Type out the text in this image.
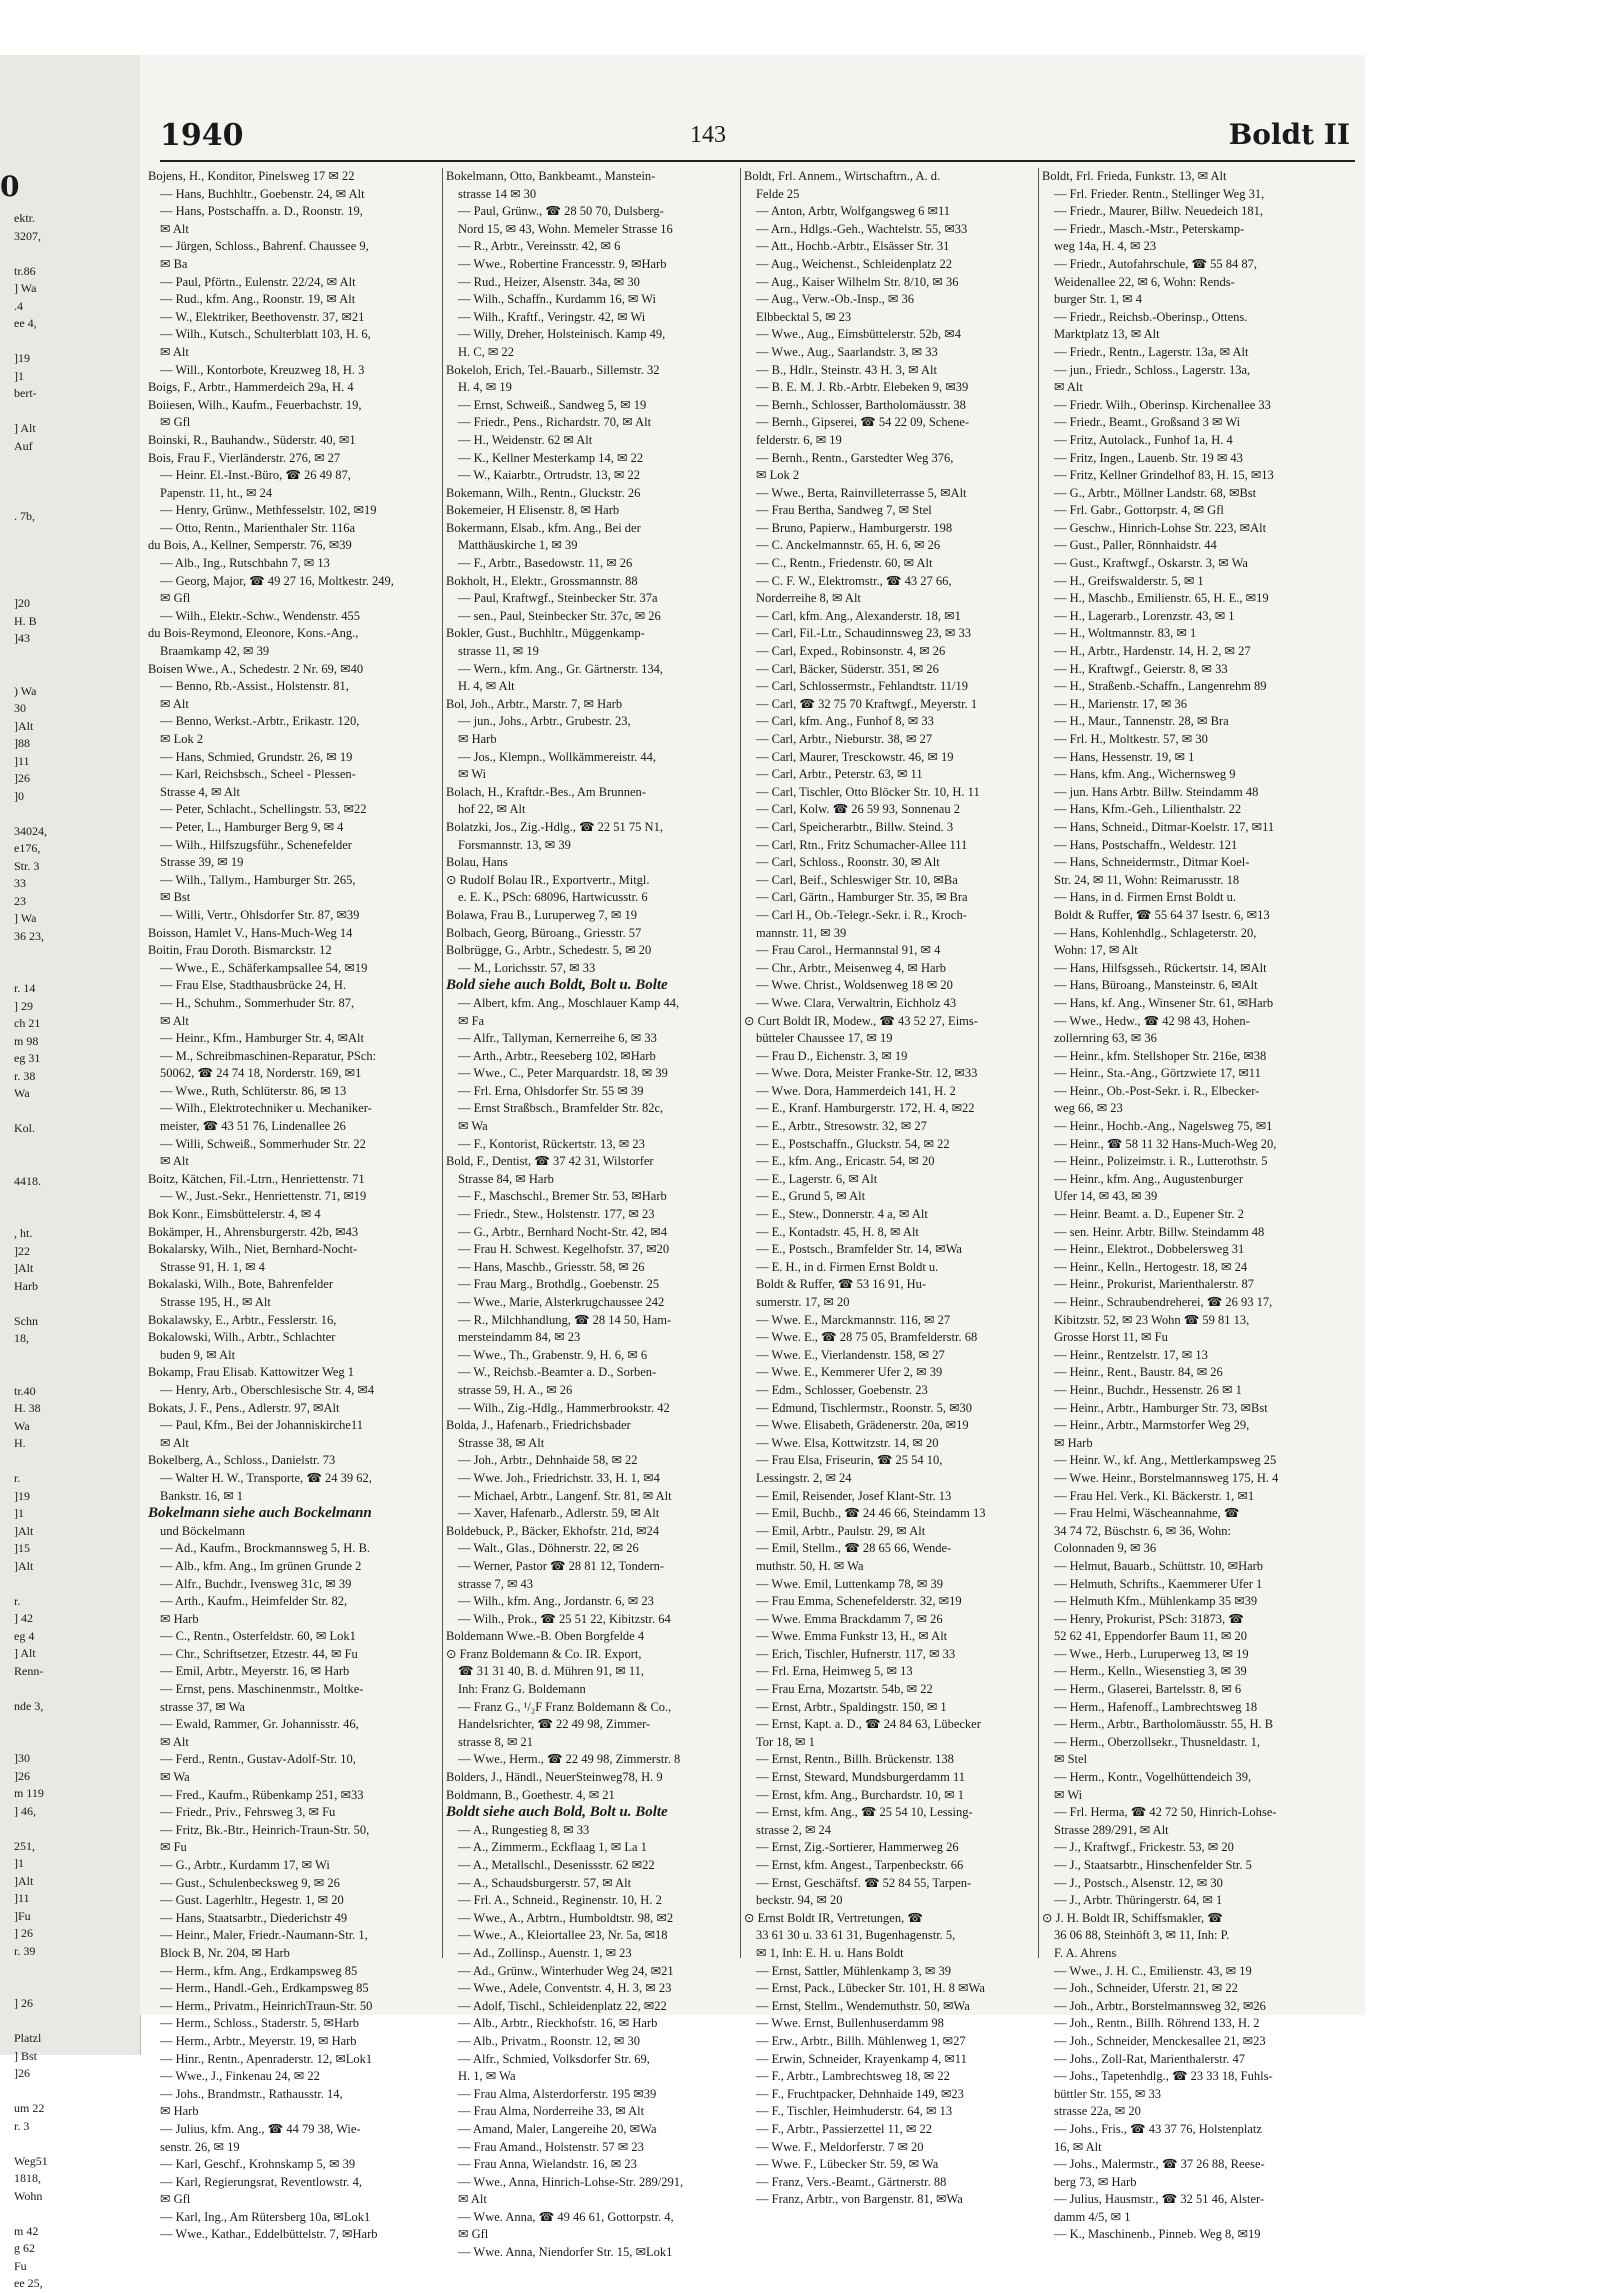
0
ektr.
3207,

tr.86
] Wa
.4
ee 4,

]19
]1
bert-

] Alt
Auf

. 7b,

]20
H. B
]43

) Wa
30
]Alt
]88
]11
]26
]0

34024,
e176,
Str. 3
33
23
] Wa
36 23,

r. 14
] 29
ch 21
m 98
eg 31
r. 38
Wa

Kol.

4418.

, ht.
]22
]Alt
Harb

Schn
18,

tr.40
H. 38
Wa
H.

r.
]19
]1
]Alt
]15
]Alt

r.
] 42
eg 4
] Alt
Renn-

nde 3,

]30
]26
m 119
] 46,

251,
]1
]Alt
]11
]Fu
] 26
r. 39

] 26

Platzl
] Bst
]26

um 22
r. 3

Weg51
1818,
Wohn

m 42
g 62
Fu
ee 25,
1940	143	Boldt II
Bojens, H., Konditor, Pinelsweg 17 ✉ 22
— Hans, Buchhltr., Goebenstr. 24, ✉ Alt
— Hans, Postschaffn. a. D., Roonstr. 19,
✉ Alt
— Jürgen, Schloss., Bahrenf. Chaussee 9,
✉ Ba
— Paul, Pförtn., Eulenstr. 22/24, ✉ Alt
— Rud., kfm. Ang., Roonstr. 19, ✉ Alt
— W., Elektriker, Beethovenstr. 37, ✉21
— Wilh., Kutsch., Schulterblatt 103, H. 6,
✉ Alt
— Will., Kontorbote, Kreuzweg 18, H. 3
Boigs, F., Arbtr., Hammerdeich 29a, H. 4
Boiiesen, Wilh., Kaufm., Feuerbachstr. 19,
✉ Gfl
Boinski, R., Bauhandw., Süderstr. 40, ✉1
Bois, Frau F., Vierländerstr. 276, ✉ 27
— Heinr. El.-Inst.-Büro, ☎ 26 49 87,
Papenstr. 11, ht., ✉ 24
— Henry, Grünw., Methfesselstr. 102, ✉19
— Otto, Rentn., Marienthaler Str. 116a
du Bois, A., Kellner, Semperstr. 76, ✉39
— Alb., Ing., Rutschbahn 7, ✉ 13
— Georg, Major, ☎ 49 27 16, Moltkestr. 249,
✉ Gfl
— Wilh., Elektr.-Schw., Wendenstr. 455
du Bois-Reymond, Eleonore, Kons.-Ang.,
Braamkamp 42, ✉ 39
Boisen Wwe., A., Schedestr. 2 Nr. 69, ✉40
— Benno, Rb.-Assist., Holstenstr. 81,
✉ Alt
— Benno, Werkst.-Arbtr., Erikastr. 120,
✉ Lok 2
— Hans, Schmied, Grundstr. 26, ✉ 19
— Karl, Reichsbsch., Scheel - Plessen-
Strasse 4, ✉ Alt
— Peter, Schlacht., Schellingstr. 53, ✉22
— Peter, L., Hamburger Berg 9, ✉ 4
— Wilh., Hilfszugsführ., Schenefelder
Strasse 39, ✉ 19
— Wilh., Tallym., Hamburger Str. 265,
✉ Bst
— Willi, Vertr., Ohlsdorfer Str. 87, ✉39
Boisson, Hamlet V., Hans-Much-Weg 14
Boitin, Frau Doroth. Bismarckstr. 12
— Wwe., E., Schäferkampsallee 54, ✉19
— Frau Else, Stadthausbrücke 24, H.
— H., Schuhm., Sommerhuder Str. 87,
✉ Alt
— Heinr., Kfm., Hamburger Str. 4, ✉Alt
— M., Schreibmaschinen-Reparatur, PSch:
50062, ☎ 24 74 18, Norderstr. 169, ✉1
— Wwe., Ruth, Schlüterstr. 86, ✉ 13
— Wilh., Elektrotechniker u. Mechaniker-
meister, ☎ 43 51 76, Lindenallee 26
— Willi, Schweiß., Sommerhuder Str. 22
✉ Alt
Boitz, Kätchen, Fil.-Ltrn., Henriettenstr. 71
— W., Just.-Sekr., Henriettenstr. 71, ✉19
Bok Konr., Eimsbüttelerstr. 4, ✉ 4
Bokämper, H., Ahrensburgerstr. 42b, ✉43
Bokalarsky, Wilh., Niet, Bernhard-Nocht-
Strasse 91, H. 1, ✉ 4
Bokalaski, Wilh., Bote, Bahrenfelder
Strasse 195, H., ✉ Alt
Bokalawsky, E., Arbtr., Fesslerstr. 16,
Bokalowski, Wilh., Arbtr., Schlachter
buden 9, ✉ Alt
Bokamp, Frau Elisab. Kattowitzer Weg 1
— Henry, Arb., Oberschlesische Str. 4, ✉4
Bokats, J. F., Pens., Adlerstr. 97, ✉Alt
— Paul, Kfm., Bei der Johanniskirche11
✉ Alt
Bokelberg, A., Schloss., Danielstr. 73
— Walter H. W., Transporte, ☎ 24 39 62,
Bankstr. 16, ✉ 1
Bokelmann siehe auch Bockelmann
und Böckelmann
— Ad., Kaufm., Brockmannsweg 5, H. B.
— Alb., kfm. Ang., Im grünen Grunde 2
— Alfr., Buchdr., Ivensweg 31c, ✉ 39
— Arth., Kaufm., Heimfelder Str. 82,
✉ Harb
— C., Rentn., Osterfeldstr. 60, ✉ Lok1
— Chr., Schriftsetzer, Etzestr. 44, ✉ Fu
— Emil, Arbtr., Meyerstr. 16, ✉ Harb
— Ernst, pens. Maschinenmstr., Moltke-
strasse 37, ✉ Wa
— Ewald, Rammer, Gr. Johannisstr. 46,
✉ Alt
— Ferd., Rentn., Gustav-Adolf-Str. 10,
✉ Wa
— Fred., Kaufm., Rübenkamp 251, ✉33
— Friedr., Priv., Fehrsweg 3, ✉ Fu
— Fritz, Bk.-Btr., Heinrich-Traun-Str. 50,
✉ Fu
— G., Arbtr., Kurdamm 17, ✉ Wi
— Gust., Schulenbecksweg 9, ✉ 26
— Gust. Lagerhltr., Hegestr. 1, ✉ 20
— Hans, Staatsarbtr., Diederichstr 49
— Heinr., Maler, Friedr.-Naumann-Str. 1,
Block B, Nr. 204, ✉ Harb
— Herm., kfm. Ang., Erdkampsweg 85
— Herm., Handl.-Geh., Erdkampsweg 85
— Herm., Privatm., HeinrichTraun-Str. 50
— Herm., Schloss., Staderstr. 5, ✉Harb
— Herm., Arbtr., Meyerstr. 19, ✉ Harb
— Hinr., Rentn., Apenraderstr. 12, ✉Lok1
— Wwe., J., Finkenau 24, ✉ 22
— Johs., Brandmstr., Rathausstr. 14,
✉ Harb
— Julius, kfm. Ang., ☎ 44 79 38, Wie-
senstr. 26, ✉ 19
— Karl, Geschf., Krohnskamp 5, ✉ 39
— Karl, Regierungsrat, Reventlowstr. 4,
✉ Gfl
— Karl, Ing., Am Rütersberg 10a, ✉Lok1
— Wwe., Kathar., Eddelbüttelstr. 7, ✉Harb
Bokelmann, Otto, Bankbeamt., Manstein-
strasse 14 ✉ 30
— Paul, Grünw., ☎ 28 50 70, Dulsberg-
Nord 15, ✉ 43, Wohn. Memeler Strasse 16
— R., Arbtr., Vereinsstr. 42, ✉ 6
— Wwe., Robertine Francesstr. 9, ✉Harb
— Rud., Heizer, Alsenstr. 34a, ✉ 30
— Wilh., Schaffn., Kurdamm 16, ✉ Wi
— Wilh., Kraftf., Veringstr. 42, ✉ Wi
— Willy, Dreher, Holsteinisch. Kamp 49,
H. C, ✉ 22
Bokeloh, Erich, Tel.-Bauarb., Sillemstr. 32
H. 4, ✉ 19
— Ernst, Schweiß., Sandweg 5, ✉ 19
— Friedr., Pens., Richardstr. 70, ✉ Alt
— H., Weidenstr. 62 ✉ Alt
— K., Kellner Mesterkamp 14, ✉ 22
— W., Kaiarbtr., Ortrudstr. 13, ✉ 22
Bokemann, Wilh., Rentn., Gluckstr. 26
Bokemeier, H Elisenstr. 8, ✉ Harb
Bokermann, Elsab., kfm. Ang., Bei der
Matthäuskirche 1, ✉ 39
— F., Arbtr., Basedowstr. 11, ✉ 26
Bokholt, H., Elektr., Grossmannstr. 88
— Paul, Kraftwgf., Steinbecker Str. 37a
— sen., Paul, Steinbecker Str. 37c, ✉ 26
Bokler, Gust., Buchhltr., Müggenkamp-
strasse 11, ✉ 19
— Wern., kfm. Ang., Gr. Gärtnerstr. 134,
H. 4, ✉ Alt
Bol, Joh., Arbtr., Marstr. 7, ✉ Harb
— jun., Johs., Arbtr., Grubestr. 23,
✉ Harb
— Jos., Klempn., Wollkämmereistr. 44,
✉ Wi
Bolach, H., Kraftdr.-Bes., Am Brunnen-
hof 22, ✉ Alt
Bolatzki, Jos., Zig.-Hdlg., ☎ 22 51 75 N1,
Forsmannstr. 13, ✉ 39
Bolau, Hans
⊙ Rudolf Bolau IR., Exportvertr., Mitgl.
e. E. K., PSch: 68096, Hartwicusstr. 6
Bolawa, Frau B., Luruperweg 7, ✉ 19
Bolbach, Georg, Büroang., Griesstr. 57
Bolbrügge, G., Arbtr., Schedestr. 5, ✉ 20
— M., Lorichsstr. 57, ✉ 33
Bold siehe auch Boldt, Bolt u. Bolte
— Albert, kfm. Ang., Moschlauer Kamp 44,
✉ Fa
— Alfr., Tallyman, Kernerreihe 6, ✉ 33
— Arth., Arbtr., Reeseberg 102, ✉Harb
— Wwe., C., Peter Marquardstr. 18, ✉ 39
— Frl. Erna, Ohlsdorfer Str. 55 ✉ 39
— Ernst Straßbsch., Bramfelder Str. 82c,
✉ Wa
— F., Kontorist, Rückertstr. 13, ✉ 23
Bold, F., Dentist, ☎ 37 42 31, Wilstorfer
Strasse 84, ✉ Harb
— F., Maschschl., Bremer Str. 53, ✉Harb
— Friedr., Stew., Holstenstr. 177, ✉ 23
— G., Arbtr., Bernhard Nocht-Str. 42, ✉4
— Frau H. Schwest. Kegelhofstr. 37, ✉20
— Hans, Maschb., Griesstr. 58, ✉ 26
— Frau Marg., Brothdlg., Goebenstr. 25
— Wwe., Marie, Alsterkrugchaussee 242
— R., Milchhandlung, ☎ 28 14 50, Ham-
mersteindamm 84, ✉ 23
— Wwe., Th., Grabenstr. 9, H. 6, ✉ 6
— W., Reichsb.-Beamter a. D., Sorben-
strasse 59, H. A., ✉ 26
— Wilh., Zig.-Hdlg., Hammerbrookstr. 42
Bolda, J., Hafenarb., Friedrichsbader
Strasse 38, ✉ Alt
— Joh., Arbtr., Dehnhaide 58, ✉ 22
— Wwe. Joh., Friedrichstr. 33, H. 1, ✉4
— Michael, Arbtr., Langenf. Str. 81, ✉ Alt
— Xaver, Hafenarb., Adlerstr. 59, ✉ Alt
Boldebuck, P., Bäcker, Ekhofstr. 21d, ✉24
— Walt., Glas., Döhnerstr. 22, ✉ 26
— Werner, Pastor ☎ 28 81 12, Tondern-
strasse 7, ✉ 43
— Wilh., kfm. Ang., Jordanstr. 6, ✉ 23
— Wilh., Prok., ☎ 25 51 22, Kibitzstr. 64
Boldemann Wwe.-B. Oben Borgfelde 4
⊙ Franz Boldemann & Co. IR. Export,
☎ 31 31 40, B. d. Mühren 91, ✉ 11,
Inh: Franz G. Boldemann
— Franz G., ¹/₂F Franz Boldemann & Co.,
Handelsrichter, ☎ 22 49 98, Zimmer-
strasse 8, ✉ 21
— Wwe., Herm., ☎ 22 49 98, Zimmerstr. 8
Bolders, J., Händl., NeuerSteinweg78, H. 9
Boldmann, B., Goethestr. 4, ✉ 21
Boldt siehe auch Bold, Bolt u. Bolte
— A., Rungestieg 8, ✉ 33
— A., Zimmerm., Eckflaag 1, ✉ La 1
— A., Metallschl., Desenissstr. 62 ✉22
— A., Schaudsburgerstr. 57, ✉ Alt
— Frl. A., Schneid., Reginenstr. 10, H. 2
— Wwe., A., Arbtrn., Humboldtstr. 98, ✉2
— Wwe., A., Kleiortallee 23, Nr. 5a, ✉18
— Ad., Zollinsp., Auenstr. 1, ✉ 23
— Ad., Grünw., Winterhuder Weg 24, ✉21
— Wwe., Adele, Conventstr. 4, H. 3, ✉ 23
— Adolf, Tischl., Schleidenplatz 22, ✉22
— Alb., Arbtr., Rieckhofstr. 16, ✉ Harb
— Alb., Privatm., Roonstr. 12, ✉ 30
— Alfr., Schmied, Volksdorfer Str. 69,
H. 1, ✉ Wa
— Frau Alma, Alsterdorferstr. 195 ✉39
— Frau Alma, Norderreihe 33, ✉ Alt
— Amand, Maler, Langereihe 20, ✉Wa
— Frau Amand., Holstenstr. 57 ✉ 23
— Frau Anna, Wielandstr. 16, ✉ 23
— Wwe., Anna, Hinrich-Lohse-Str. 289/291,
✉ Alt
— Wwe. Anna, ☎ 49 46 61, Gottorpstr. 4,
✉ Gfl
— Wwe. Anna, Niendorfer Str. 15, ✉Lok1
Boldt, Frl. Annem., Wirtschaftrn., A. d.
Felde 25
— Anton, Arbtr, Wolfgangsweg 6 ✉11
— Arn., Hdlgs.-Geh., Wachtelstr. 55, ✉33
— Att., Hochb.-Arbtr., Elsässer Str. 31
— Aug., Weichenst., Schleidenplatz 22
— Aug., Kaiser Wilhelm Str. 8/10, ✉ 36
— Aug., Verw.-Ob.-Insp., ✉ 36
Elbbecktal 5, ✉ 23
— Wwe., Aug., Eimsbüttelerstr. 52b, ✉4
— Wwe., Aug., Saarlandstr. 3, ✉ 33
— B., Hdlr., Steinstr. 43 H. 3, ✉ Alt
— B. E. M. J. Rb.-Arbtr. Elebeken 9, ✉39
— Bernh., Schlosser, Bartholomäusstr. 38
— Bernh., Gipserei, ☎ 54 22 09, Schene-
felderstr. 6, ✉ 19
— Bernh., Rentn., Garstedter Weg 376,
✉ Lok 2
— Wwe., Berta, Rainvilleterrasse 5, ✉Alt
— Frau Bertha, Sandweg 7, ✉ Stel
— Bruno, Papierw., Hamburgerstr. 198
— C. Anckelmannstr. 65, H. 6, ✉ 26
— C., Rentn., Friedenstr. 60, ✉ Alt
— C. F. W., Elektromstr., ☎ 43 27 66,
Norderreihe 8, ✉ Alt
— Carl, kfm. Ang., Alexanderstr. 18, ✉1
— Carl, Fil.-Ltr., Schaudinnsweg 23, ✉ 33
— Carl, Exped., Robinsonstr. 4, ✉ 26
— Carl, Bäcker, Süderstr. 351, ✉ 26
— Carl, Schlossermstr., Fehlandtstr. 11/19
— Carl, ☎ 32 75 70 Kraftwgf., Meyerstr. 1
— Carl, kfm. Ang., Funhof 8, ✉ 33
— Carl, Arbtr., Nieburstr. 38, ✉ 27
— Carl, Maurer, Tresckowstr. 46, ✉ 19
— Carl, Arbtr., Peterstr. 63, ✉ 11
— Carl, Tischler, Otto Blöcker Str. 10, H. 11
— Carl, Kolw. ☎ 26 59 93, Sonnenau 2
— Carl, Speicherarbtr., Billw. Steind. 3
— Carl, Rtn., Fritz Schumacher-Allee 111
— Carl, Schloss., Roonstr. 30, ✉ Alt
— Carl, Beif., Schleswiger Str. 10, ✉Ba
— Carl, Gärtn., Hamburger Str. 35, ✉ Bra
— Carl H., Ob.-Telegr.-Sekr. i. R., Kroch-
mannstr. 11, ✉ 39
— Frau Carol., Hermannstal 91, ✉ 4
— Chr., Arbtr., Meisenweg 4, ✉ Harb
— Wwe. Christ., Woldsenweg 18 ✉ 20
— Wwe. Clara, Verwaltrin, Eichholz 43
⊙ Curt Boldt IR, Modew., ☎ 43 52 27, Eims-
bütteler Chaussee 17, ✉ 19
— Frau D., Eichenstr. 3, ✉ 19
— Wwe. Dora, Meister Franke-Str. 12, ✉33
— Wwe. Dora, Hammerdeich 141, H. 2
— E., Kranf. Hamburgerstr. 172, H. 4, ✉22
— E., Arbtr., Stresowstr. 32, ✉ 27
— E., Postschaffn., Gluckstr. 54, ✉ 22
— E., kfm. Ang., Ericastr. 54, ✉ 20
— E., Lagerstr. 6, ✉ Alt
— E., Grund 5, ✉ Alt
— E., Stew., Donnerstr. 4 a, ✉ Alt
— E., Kontadstr. 45, H. 8, ✉ Alt
— E., Postsch., Bramfelder Str. 14, ✉Wa
— E. H., in d. Firmen Ernst Boldt u.
Boldt & Ruffer, ☎ 53 16 91, Hu-
sumerstr. 17, ✉ 20
— Wwe. E., Marckmannstr. 116, ✉ 27
— Wwe. E., ☎ 28 75 05, Bramfelderstr. 68
— Wwe. E., Vierlandenstr. 158, ✉ 27
— Wwe. E., Kemmerer Ufer 2, ✉ 39
— Edm., Schlosser, Goebenstr. 23
— Edmund, Tischlermstr., Roonstr. 5, ✉30
— Wwe. Elisabeth, Grädenerstr. 20a, ✉19
— Wwe. Elsa, Kottwitzstr. 14, ✉ 20
— Frau Elsa, Friseurin, ☎ 25 54 10,
Lessingstr. 2, ✉ 24
— Emil, Reisender, Josef Klant-Str. 13
— Emil, Buchb., ☎ 24 46 66, Steindamm 13
— Emil, Arbtr., Paulstr. 29, ✉ Alt
— Emil, Stellm., ☎ 28 65 66, Wende-
muthstr. 50, H. ✉ Wa
— Wwe. Emil, Luttenkamp 78, ✉ 39
— Frau Emma, Schenefelderstr. 32, ✉19
— Wwe. Emma Brackdamm 7, ✉ 26
— Wwe. Emma Funkstr 13, H., ✉ Alt
— Erich, Tischler, Hufnerstr. 117, ✉ 33
— Frl. Erna, Heimweg 5, ✉ 13
— Frau Erna, Mozartstr. 54b, ✉ 22
— Ernst, Arbtr., Spaldingstr. 150, ✉ 1
— Ernst, Kapt. a. D., ☎ 24 84 63, Lübecker
Tor 18, ✉ 1
— Ernst, Rentn., Billh. Brückenstr. 138
— Ernst, Steward, Mundsburgerdamm 11
— Ernst, kfm. Ang., Burchardstr. 10, ✉ 1
— Ernst, kfm. Ang., ☎ 25 54 10, Lessing-
strasse 2, ✉ 24
— Ernst, Zig.-Sortierer, Hammerweg 26
— Ernst, kfm. Angest., Tarpenbeckstr. 66
— Ernst, Geschäftsf. ☎ 52 84 55, Tarpen-
beckstr. 94, ✉ 20
⊙ Ernst Boldt IR, Vertretungen, ☎
33 61 30 u. 33 61 31, Bugenhagenstr. 5,
✉ 1, Inh: E. H. u. Hans Boldt
— Ernst, Sattler, Mühlenkamp 3, ✉ 39
— Ernst, Pack., Lübecker Str. 101, H. 8 ✉Wa
— Ernst, Stellm., Wendemuthstr. 50, ✉Wa
— Wwe. Ernst, Bullenhuserdamm 98
— Erw., Arbtr., Billh. Mühlenweg 1, ✉27
— Erwin, Schneider, Krayenkamp 4, ✉11
— F., Arbtr., Lambrechtsweg 18, ✉ 22
— F., Fruchtpacker, Dehnhaide 149, ✉23
— F., Tischler, Heimhuderstr. 64, ✉ 13
— F., Arbtr., Passierzettel 11, ✉ 22
— Wwe. F., Meldorferstr. 7 ✉ 20
— Wwe. F., Lübecker Str. 59, ✉ Wa
— Franz, Vers.-Beamt., Gärtnerstr. 88
— Franz, Arbtr., von Bargenstr. 81, ✉Wa
Boldt, Frl. Frieda, Funkstr. 13, ✉ Alt
— Frl. Frieder. Rentn., Stellinger Weg 31,
— Friedr., Maurer, Billw. Neuedeich 181,
— Friedr., Masch.-Mstr., Peterskamp-
weg 14a, H. 4, ✉ 23
— Friedr., Autofahrschule, ☎ 55 84 87,
Weidenallee 22, ✉ 6, Wohn: Rends-
burger Str. 1, ✉ 4
— Friedr., Reichsb.-Oberinsp., Ottens.
Marktplatz 13, ✉ Alt
— Friedr., Rentn., Lagerstr. 13a, ✉ Alt
— jun., Friedr., Schloss., Lagerstr. 13a,
✉ Alt
— Friedr. Wilh., Oberinsp. Kirchenallee 33
— Friedr., Beamt., Großsand 3 ✉ Wi
— Fritz, Autolack., Funhof 1a, H. 4
— Fritz, Ingen., Lauenb. Str. 19 ✉ 43
— Fritz, Kellner Grindelhof 83, H. 15, ✉13
— G., Arbtr., Möllner Landstr. 68, ✉Bst
— Frl. Gabr., Gottorpstr. 4, ✉ Gfl
— Geschw., Hinrich-Lohse Str. 223, ✉Alt
— Gust., Paller, Rönnhaidstr. 44
— Gust., Kraftwgf., Oskarstr. 3, ✉ Wa
— H., Greifswalderstr. 5, ✉ 1
— H., Maschb., Emilienstr. 65, H. E., ✉19
— H., Lagerarb., Lorenzstr. 43, ✉ 1
— H., Woltmannstr. 83, ✉ 1
— H., Arbtr., Hardenstr. 14, H. 2, ✉ 27
— H., Kraftwgf., Geierstr. 8, ✉ 33
— H., Straßenb.-Schaffn., Langenrehm 89
— H., Marienstr. 17, ✉ 36
— H., Maur., Tannenstr. 28, ✉ Bra
— Frl. H., Moltkestr. 57, ✉ 30
— Hans, Hessenstr. 19, ✉ 1
— Hans, kfm. Ang., Wichernsweg 9
— jun. Hans Arbtr. Billw. Steindamm 48
— Hans, Kfm.-Geh., Lilienthalstr. 22
— Hans, Schneid., Ditmar-Koelstr. 17, ✉11
— Hans, Postschaffn., Weldestr. 121
— Hans, Schneidermstr., Ditmar Koel-
Str. 24, ✉ 11, Wohn: Reimarusstr. 18
— Hans, in d. Firmen Ernst Boldt u.
Boldt & Ruffer, ☎ 55 64 37 Isestr. 6, ✉13
— Hans, Kohlenhdlg., Schlageterstr. 20,
Wohn: 17, ✉ Alt
— Hans, Hilfsgsseh., Rückertstr. 14, ✉Alt
— Hans, Büroang., Mansteinstr. 6, ✉Alt
— Hans, kf. Ang., Winsener Str. 61, ✉Harb
— Wwe., Hedw., ☎ 42 98 43, Hohen-
zollernring 63, ✉ 36
— Heinr., kfm. Stellshoper Str. 216e, ✉38
— Heinr., Sta.-Ang., Görtzwiete 17, ✉11
— Heinr., Ob.-Post-Sekr. i. R., Elbecker-
weg 66, ✉ 23
— Heinr., Hochb.-Ang., Nagelsweg 75, ✉1
— Heinr., ☎ 58 11 32 Hans-Much-Weg 20,
— Heinr., Polizeimstr. i. R., Lutterothstr. 5
— Heinr., kfm. Ang., Augustenburger
Ufer 14, ✉ 43, ✉ 39
— Heinr. Beamt. a. D., Eupener Str. 2
— sen. Heinr. Arbtr. Billw. Steindamm 48
— Heinr., Elektrot., Dobbelersweg 31
— Heinr., Kelln., Hertogestr. 18, ✉ 24
— Heinr., Prokurist, Marienthalerstr. 87
— Heinr., Schraubendreherei, ☎ 26 93 17,
Kibitzstr. 52, ✉ 23 Wohn ☎ 59 81 13,
Grosse Horst 11, ✉ Fu
— Heinr., Rentzelstr. 17, ✉ 13
— Heinr., Rent., Baustr. 84, ✉ 26
— Heinr., Buchdr., Hessenstr. 26 ✉ 1
— Heinr., Arbtr., Hamburger Str. 73, ✉Bst
— Heinr., Arbtr., Marmstorfer Weg 29,
✉ Harb
— Heinr. W., kf. Ang., Mettlerkampsweg 25
— Wwe. Heinr., Borstelmannsweg 175, H. 4
— Frau Hel. Verk., Kl. Bäckerstr. 1, ✉1
— Frau Helmi, Wäscheannahme, ☎
34 74 72, Büschstr. 6, ✉ 36, Wohn:
Colonnaden 9, ✉ 36
— Helmut, Bauarb., Schüttstr. 10, ✉Harb
— Helmuth, Schrifts., Kaemmerer Ufer 1
— Helmuth Kfm., Mühlenkamp 35 ✉39
— Henry, Prokurist, PSch: 31873, ☎
52 62 41, Eppendorfer Baum 11, ✉ 20
— Wwe., Herb., Luruperweg 13, ✉ 19
— Herm., Kelln., Wiesenstieg 3, ✉ 39
— Herm., Glaserei, Bartelsstr. 8, ✉ 6
— Herm., Hafenoff., Lambrechtsweg 18
— Herm., Arbtr., Bartholomäusstr. 55, H. B
— Herm., Oberzollsekr., Thusneldastr. 1,
✉ Stel
— Herm., Kontr., Vogelhüttendeich 39,
✉ Wi
— Frl. Herma, ☎ 42 72 50, Hinrich-Lohse-
Strasse 289/291, ✉ Alt
— J., Kraftwgf., Frickestr. 53, ✉ 20
— J., Staatsarbtr., Hinschenfelder Str. 5
— J., Postsch., Alsenstr. 12, ✉ 30
— J., Arbtr. Thüringerstr. 64, ✉ 1
⊙ J. H. Boldt IR, Schiffsmakler, ☎
36 06 88, Steinhöft 3, ✉ 11, Inh: P.
F. A. Ahrens
— Wwe., J. H. C., Emilienstr. 43, ✉ 19
— Joh., Schneider, Uferstr. 21, ✉ 22
— Joh., Arbtr., Borstelmannsweg 32, ✉26
— Joh., Rentn., Billh. Röhrend 133, H. 2
— Joh., Schneider, Menckesallee 21, ✉23
— Johs., Zoll-Rat, Marienthalerstr. 47
— Johs., Tapetenhdlg., ☎ 23 33 18, Fuhls-
büttler Str. 155, ✉ 33
strasse 22a, ✉ 20
— Johs., Fris., ☎ 43 37 76, Holstenplatz
16, ✉ Alt
— Johs., Malermstr., ☎ 37 26 88, Reese-
berg 73, ✉ Harb
— Julius, Hausmstr., ☎ 32 51 46, Alster-
damm 4/5, ✉ 1
— K., Maschinenb., Pinneb. Weg 8, ✉19
